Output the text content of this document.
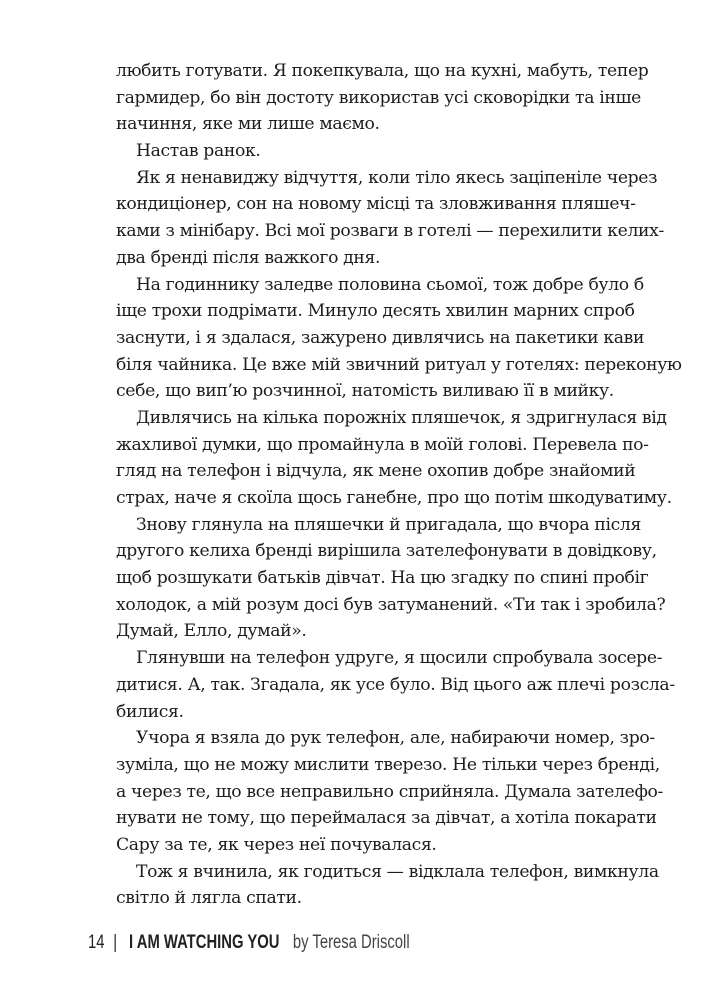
любить готувати. Я покепкувала, що на кухні, мабуть, тепер
гармидер, бо він достоту використав усі сковорідки та інше
начиння, яке ми лише маємо.
Настав ранок.
Як я ненавиджу відчуття, коли тіло якесь заціпеніле через
кондиціонер, сон на новому місці та зловживання пляшеч-
ками з мінібару. Всі мої розваги в готелі — перехилити келих-
два бренді після важкого дня.
На годиннику заледве половина сьомої, тож добре було б
іще трохи подрімати. Минуло десять хвилин марних спроб
заснути, і я здалася, зажурено дивлячись на пакетики кави
біля чайника. Це вже мій звичний ритуал у готелях: переконую
себе, що вип’ю розчинної, натомість виливаю її в мийку.
Дивлячись на кілька порожніх пляшечок, я здригнулася від
жахливої думки, що промайнула в моїй голові. Перевела по-
гляд на телефон і відчула, як мене охопив добре знайомий
страх, наче я скоїла щось ганебне, про що потім шкодуватиму.
Знову глянула на пляшечки й пригадала, що вчора після
другого келиха бренді вирішила зателефонувати в довідкову,
щоб розшукати батьків дівчат. На цю згадку по спині пробіг
холодок, а мій розум досі був затуманений. «Ти так і зробила?
Думай, Елло, думай».
Глянувши на телефон удруге, я щосили спробувала зосере-
дитися. А, так. Згадала, як усе було. Від цього аж плечі розсла-
билися.
Учора я взяла до рук телефон, але, набираючи номер, зро-
зуміла, що не можу мислити тверезо. Не тільки через бренді,
а через те, що все неправильно сприйняла. Думала зателефо-
нувати не тому, що переймалася за дівчат, а хотіла покарати
Сару за те, як через неї почувалася.
Тож я вчинила, як годиться — відклала телефон, вимкнула
світло й лягла спати.
14 | I AM WATCHING YOU by Teresa Driscoll
